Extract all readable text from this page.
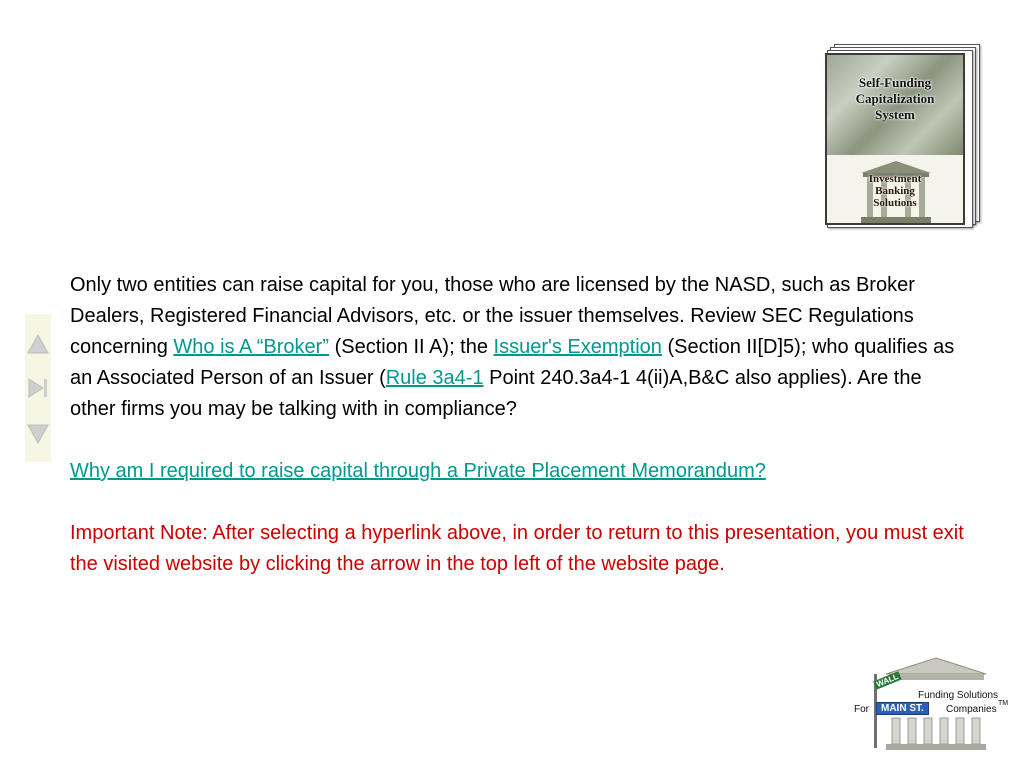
Self-Funding
Capitalization
System
Investment
Banking
Solutions

Only two entities can raise capital for you, those who are licensed by the NASD, such as Broker Dealers, Registered Financial Advisors, etc. or the issuer themselves. Review SEC Regulations concerning Who is A “Broker” (Section II A); the Issuer's Exemption (Section II[D]5); who qualifies as an Associated Person of an Issuer (Rule 3a4-1 Point 240.3a4-1 4(ii)A,B&C also applies). Are the other firms you may be talking with in compliance?

Why am I required to raise capital through a Private Placement Memorandum?

Important Note: After selecting a hyperlink above, in order to return to this presentation, you must exit the visited website by clicking the arrow in the top left of the website page.

WALL
Funding Solutions
For	MAIN ST.	Companies
TM
